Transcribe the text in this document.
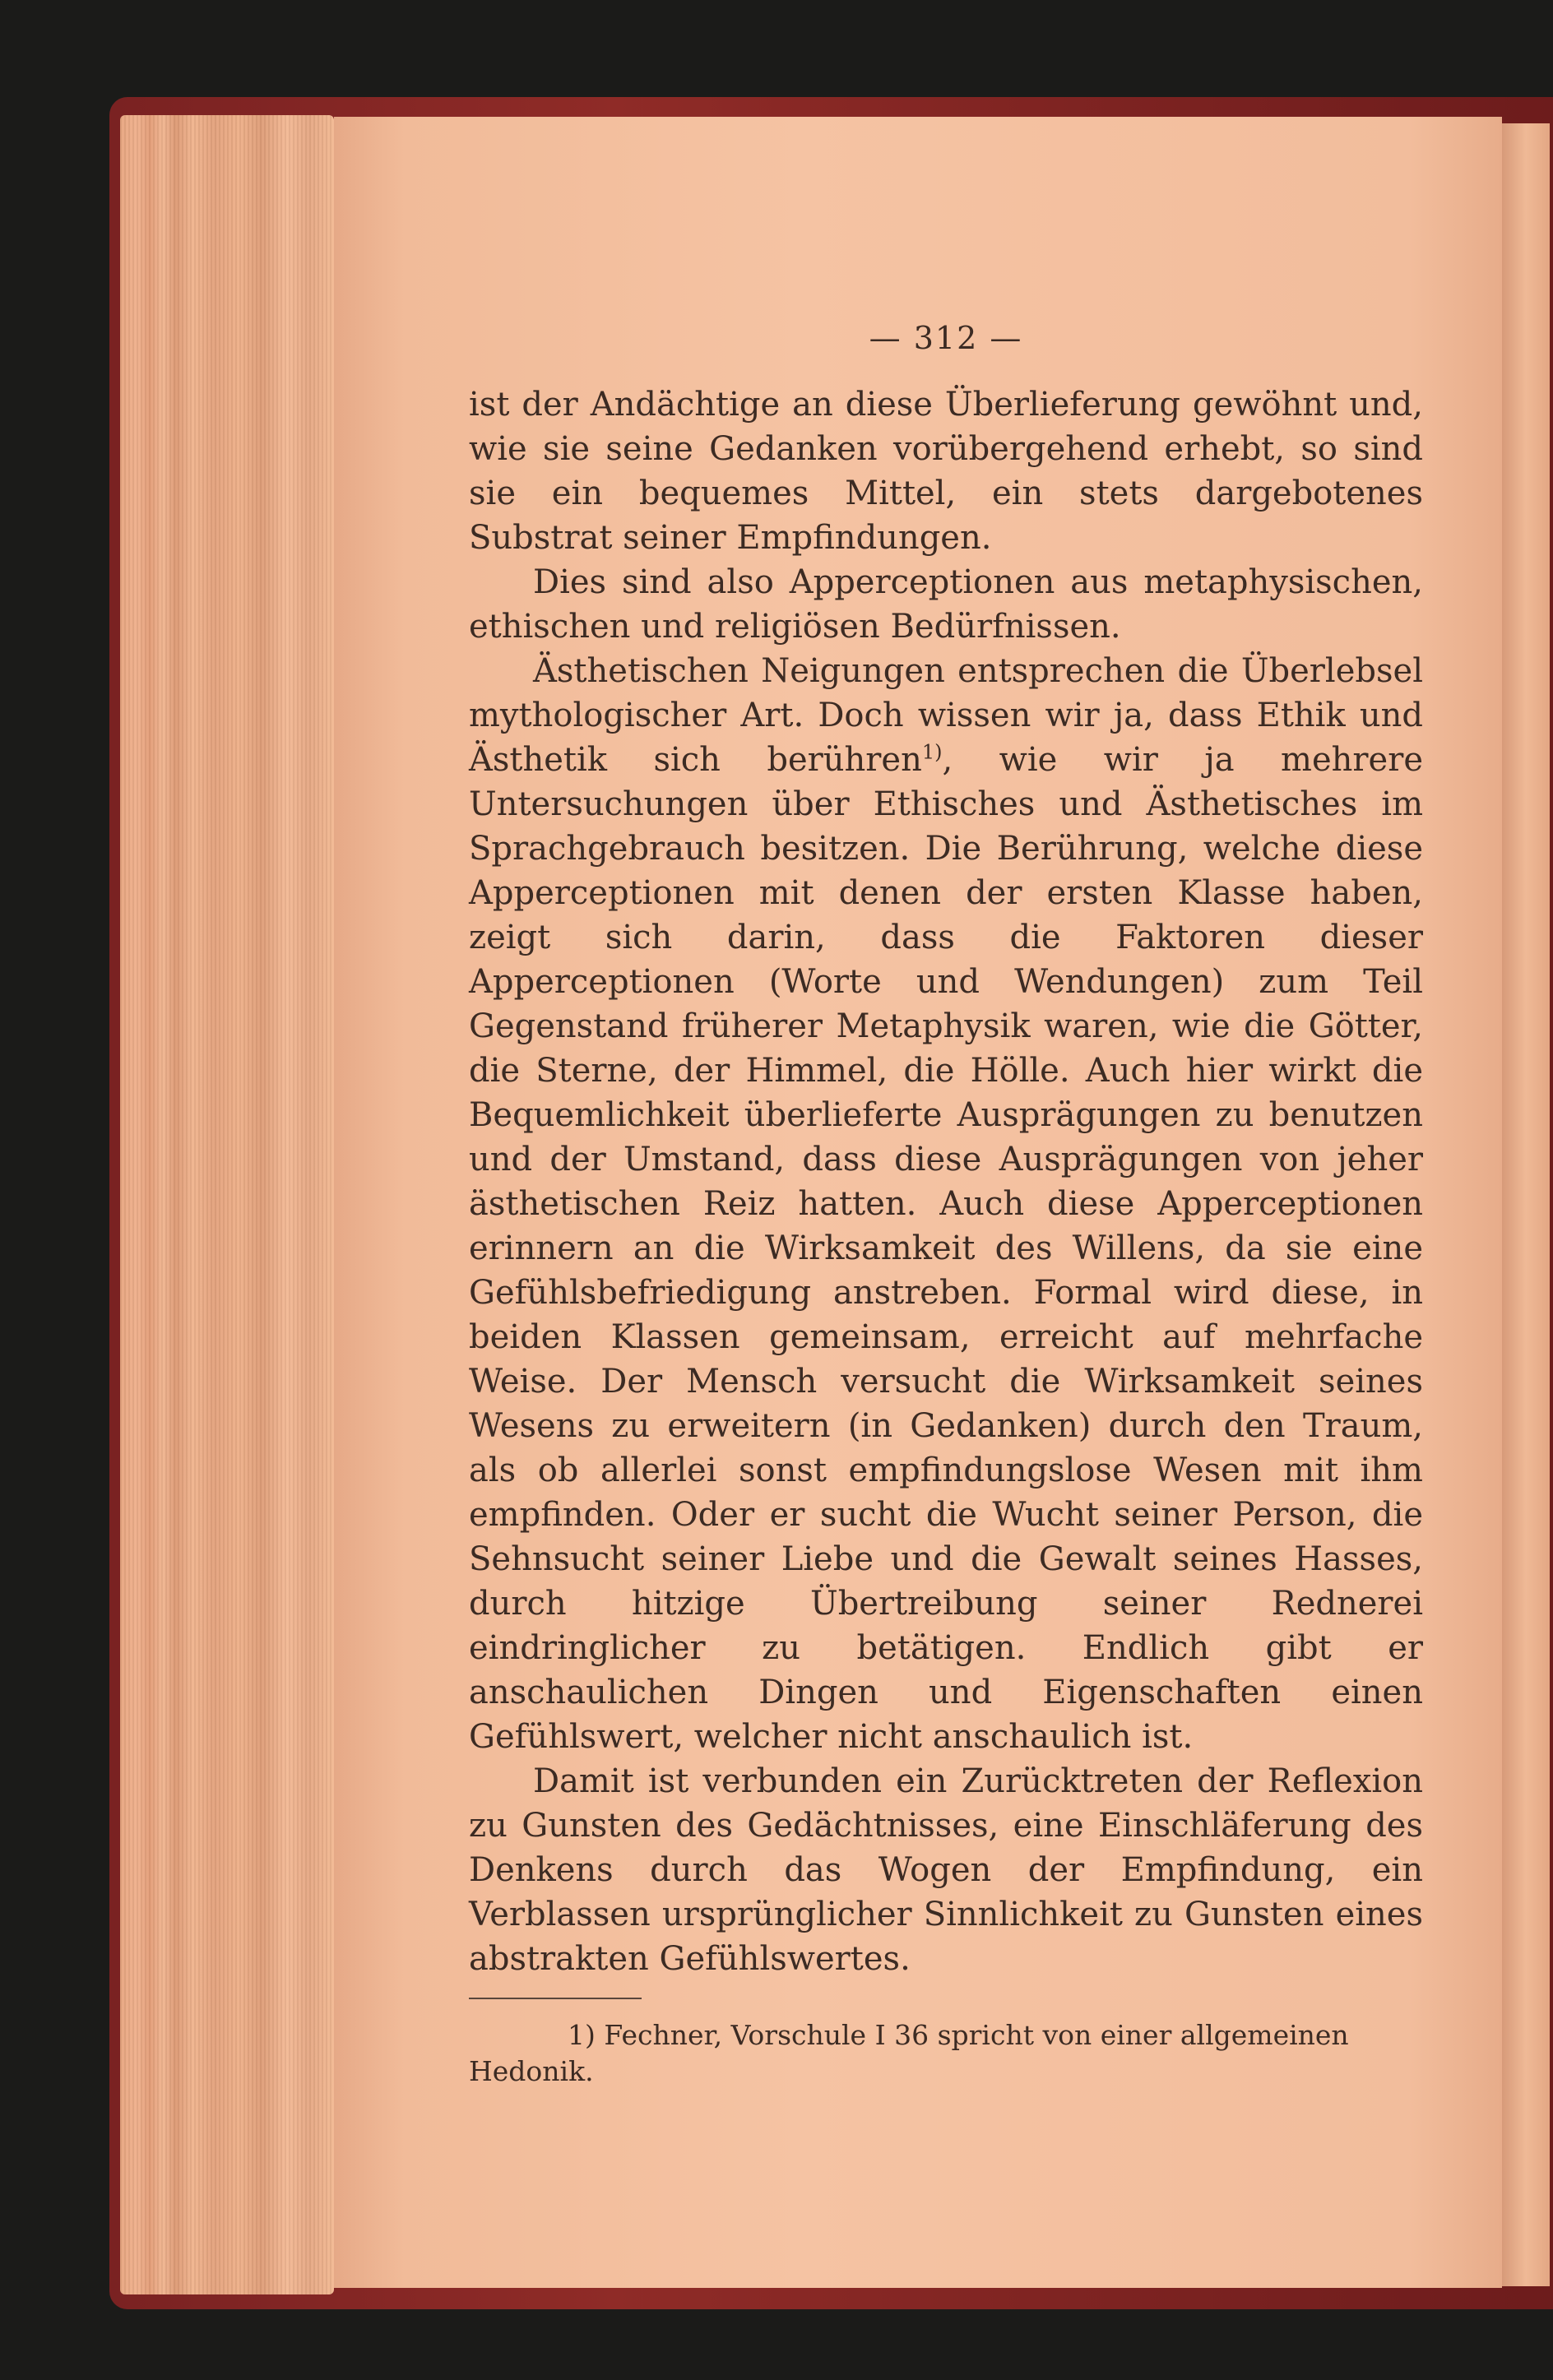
— 312 —

ist der Andächtige an diese Überlieferung gewöhnt und, wie sie seine Gedanken vorübergehend erhebt, so sind sie ein bequemes Mittel, ein stets dargebotenes Substrat seiner Empfindungen.

Dies sind also Apperceptionen aus metaphysischen, ethischen und religiösen Bedürfnissen.

Ästhetischen Neigungen entsprechen die Überlebsel mythologischer Art. Doch wissen wir ja, dass Ethik und Ästhetik sich berühren$^{1)}$, wie wir ja mehrere Untersuchungen über Ethisches und Ästhetisches im Sprachgebrauch besitzen. Die Berührung, welche diese Apperceptionen mit denen der ersten Klasse haben, zeigt sich darin, dass die Faktoren dieser Apperceptionen (Worte und Wendungen) zum Teil Gegenstand früherer Metaphysik waren, wie die Götter, die Sterne, der Himmel, die Hölle. Auch hier wirkt die Bequemlichkeit überlieferte Ausprägungen zu benutzen und der Umstand, dass diese Ausprägungen von jeher ästhetischen Reiz hatten. Auch diese Apperceptionen erinnern an die Wirksamkeit des Willens, da sie eine Gefühlsbefriedigung anstreben. Formal wird diese, in beiden Klassen gemeinsam, erreicht auf mehrfache Weise. Der Mensch versucht die Wirksamkeit seines Wesens zu erweitern (in Gedanken) durch den Traum, als ob allerlei sonst empfindungslose Wesen mit ihm empfinden. Oder er sucht die Wucht seiner Person, die Sehnsucht seiner Liebe und die Gewalt seines Hasses, durch hitzige Übertreibung seiner Rednerei eindringlicher zu betätigen. Endlich gibt er anschaulichen Dingen und Eigenschaften einen Gefühlswert, welcher nicht anschaulich ist.

Damit ist verbunden ein Zurücktreten der Reflexion zu Gunsten des Gedächtnisses, eine Einschläferung des Denkens durch das Wogen der Empfindung, ein Verblassen ursprünglicher Sinnlichkeit zu Gunsten eines abstrakten Gefühlswertes.

1) Fechner, Vorschule I 36 spricht von einer allgemeinen Hedonik.
